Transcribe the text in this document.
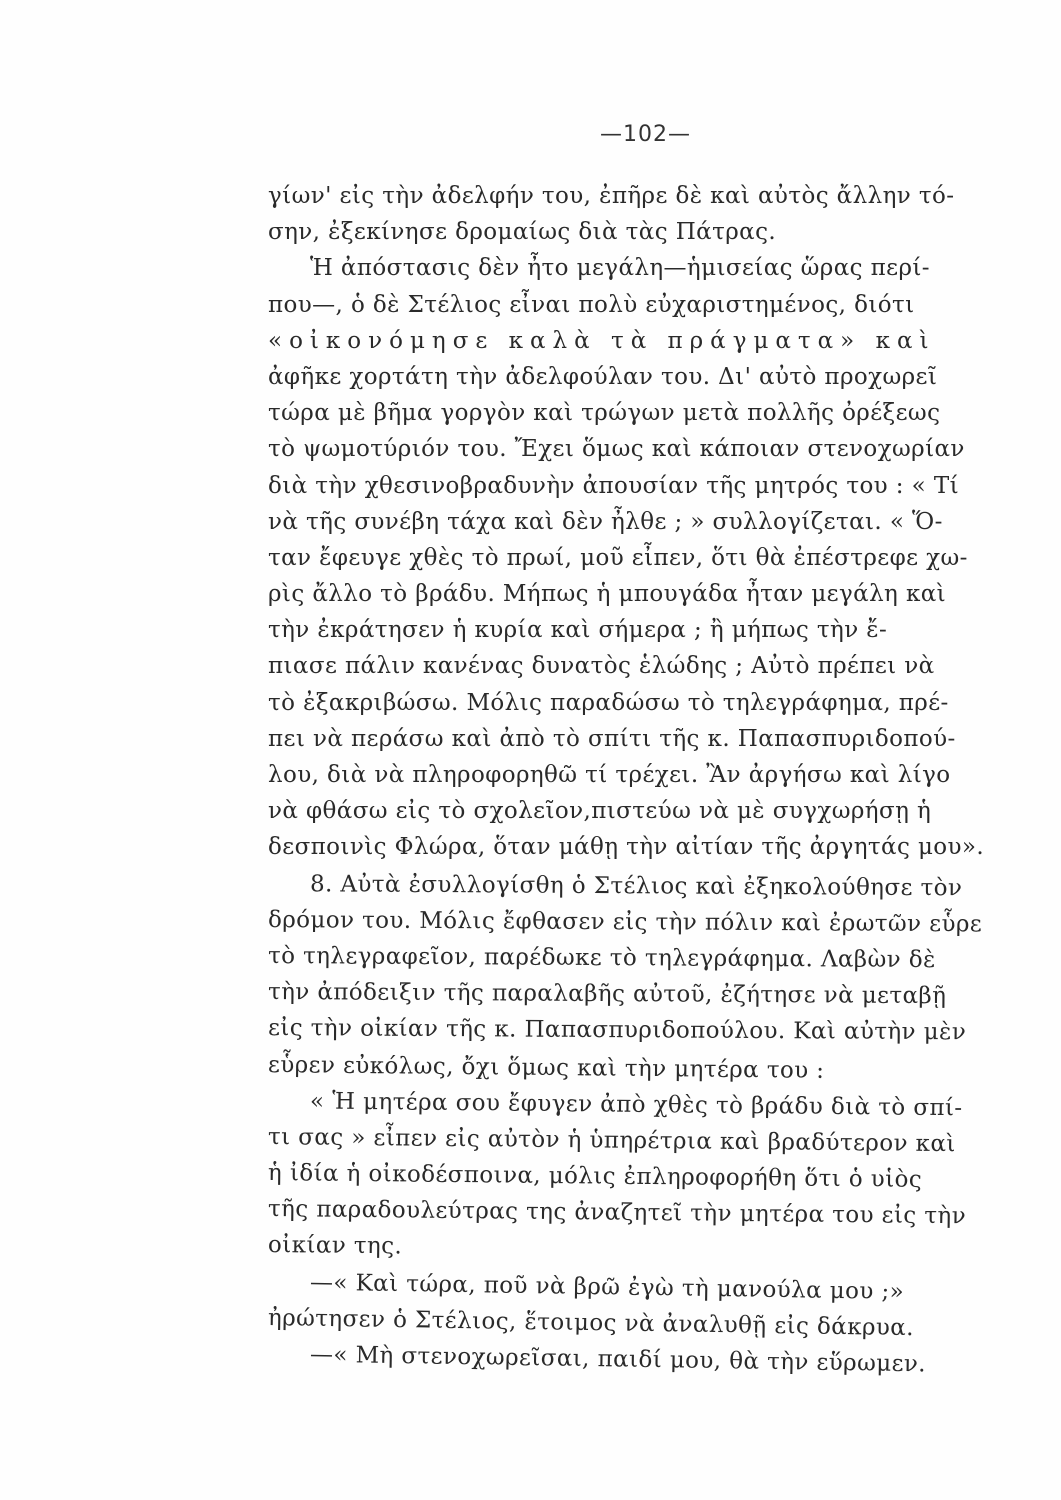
—102—
γίων' εἰς τὴν ἀδελφήν του, ἐπῆρε δὲ καὶ αὐτὸς ἄλλην τό-
σην, ἐξεκίνησε δρομαίως διὰ τὰς Πάτρας.
Ἡ ἀπόστασις δὲν ἦτο μεγάλη—ἡμισείας ὥρας περί-
που—, ὁ δὲ Στέλιος εἶναι πολὺ εὐχαριστημένος, διότι
«οἰκονόμησε καλὰ τὰ πράγματα» καὶ
ἀφῆκε χορτάτη τὴν ἀδελφούλαν του. Δι' αὐτὸ προχωρεῖ
τώρα μὲ βῆμα γοργὸν καὶ τρώγων μετὰ πολλῆς ὀρέξεως
τὸ ψωμοτύριόν του. Ἔχει ὅμως καὶ κάποιαν στενοχωρίαν
διὰ τὴν χθεσινοβραδυνὴν ἀπουσίαν τῆς μητρός του : « Τί
νὰ τῆς συνέβη τάχα καὶ δὲν ἦλθε ; » συλλογίζεται. « Ὅ-
ταν ἔφευγε χθὲς τὸ πρωί, μοῦ εἶπεν, ὅτι θὰ ἐπέστρεφε χω-
ρὶς ἄλλο τὸ βράδυ. Μήπως ἡ μπουγάδα ἦταν μεγάλη καὶ
τὴν ἐκράτησεν ἡ κυρία καὶ σήμερα ; ἢ μήπως τὴν ἔ-
πιασε πάλιν κανένας δυνατὸς ἑλώδης ; Αὐτὸ πρέπει νὰ
τὸ ἐξακριβώσω. Μόλις παραδώσω τὸ τηλεγράφημα, πρέ-
πει νὰ περάσω καὶ ἀπὸ τὸ σπίτι τῆς κ. Παπασπυριδοπού-
λου, διὰ νὰ πληροφορηθῶ τί τρέχει. Ἂν ἀργήσω καὶ λίγο
νὰ φθάσω εἰς τὸ σχολεῖον,πιστεύω νὰ μὲ συγχωρήσῃ ἡ
δεσποινὶς Φλώρα, ὅταν μάθῃ τὴν αἰτίαν τῆς ἀργητάς μου».
8. Αὐτὰ ἐσυλλογίσθη ὁ Στέλιος καὶ ἐξηκολούθησε τὸν
δρόμον του. Μόλις ἔφθασεν εἰς τὴν πόλιν καὶ ἐρωτῶν εὗρε
τὸ τηλεγραφεῖον, παρέδωκε τὸ τηλεγράφημα. Λαβὼν δὲ
τὴν ἀπόδειξιν τῆς παραλαβῆς αὐτοῦ, ἐζήτησε νὰ μεταβῇ
εἰς τὴν οἰκίαν τῆς κ. Παπασπυριδοπούλου. Καὶ αὐτὴν μὲν
εὗρεν εὐκόλως, ὄχι ὅμως καὶ τὴν μητέρα του :
« Ἡ μητέρα σου ἔφυγεν ἀπὸ χθὲς τὸ βράδυ διὰ τὸ σπί-
τι σας » εἶπεν εἰς αὐτὸν ἡ ὑπηρέτρια καὶ βραδύτερον καὶ
ἡ ἰδία ἡ οἰκοδέσποινα, μόλις ἐπληροφορήθη ὅτι ὁ υἱὸς
τῆς παραδουλεύτρας της ἀναζητεῖ τὴν μητέρα του εἰς τὴν
οἰκίαν της.
—« Καὶ τώρα, ποῦ νὰ βρῶ ἐγὼ τὴ μανούλα μου ;»
ἠρώτησεν ὁ Στέλιος, ἕτοιμος νὰ ἀναλυθῇ εἰς δάκρυα.
—« Μὴ στενοχωρεῖσαι, παιδί μου, θὰ τὴν εὕρωμεν.
